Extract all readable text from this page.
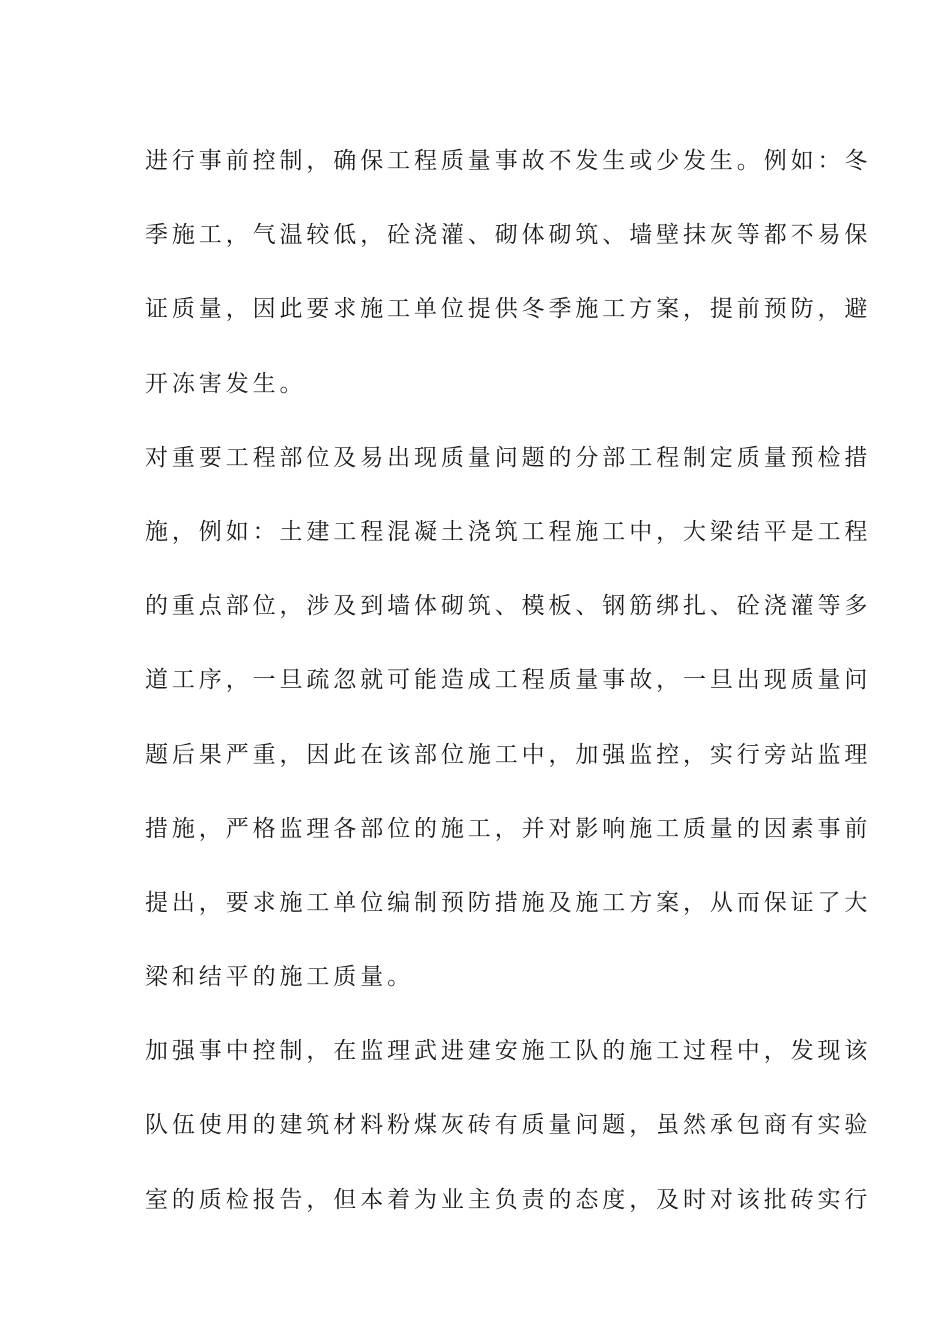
进行事前控制，确保工程质量事故不发生或少发生。例如：冬
季施工，气温较低，砼浇灌、砌体砌筑、墙壁抹灰等都不易保
证质量，因此要求施工单位提供冬季施工方案，提前预防，避
开冻害发生。
对重要工程部位及易出现质量问题的分部工程制定质量预检措
施，例如：土建工程混凝土浇筑工程施工中，大梁结平是工程
的重点部位，涉及到墙体砌筑、模板、钢筋绑扎、砼浇灌等多
道工序，一旦疏忽就可能造成工程质量事故，一旦出现质量问
题后果严重，因此在该部位施工中，加强监控，实行旁站监理
措施，严格监理各部位的施工，并对影响施工质量的因素事前
提出，要求施工单位编制预防措施及施工方案，从而保证了大
梁和结平的施工质量。
加强事中控制，在监理武进建安施工队的施工过程中，发现该
队伍使用的建筑材料粉煤灰砖有质量问题，虽然承包商有实验
室的质检报告，但本着为业主负责的态度，及时对该批砖实行
